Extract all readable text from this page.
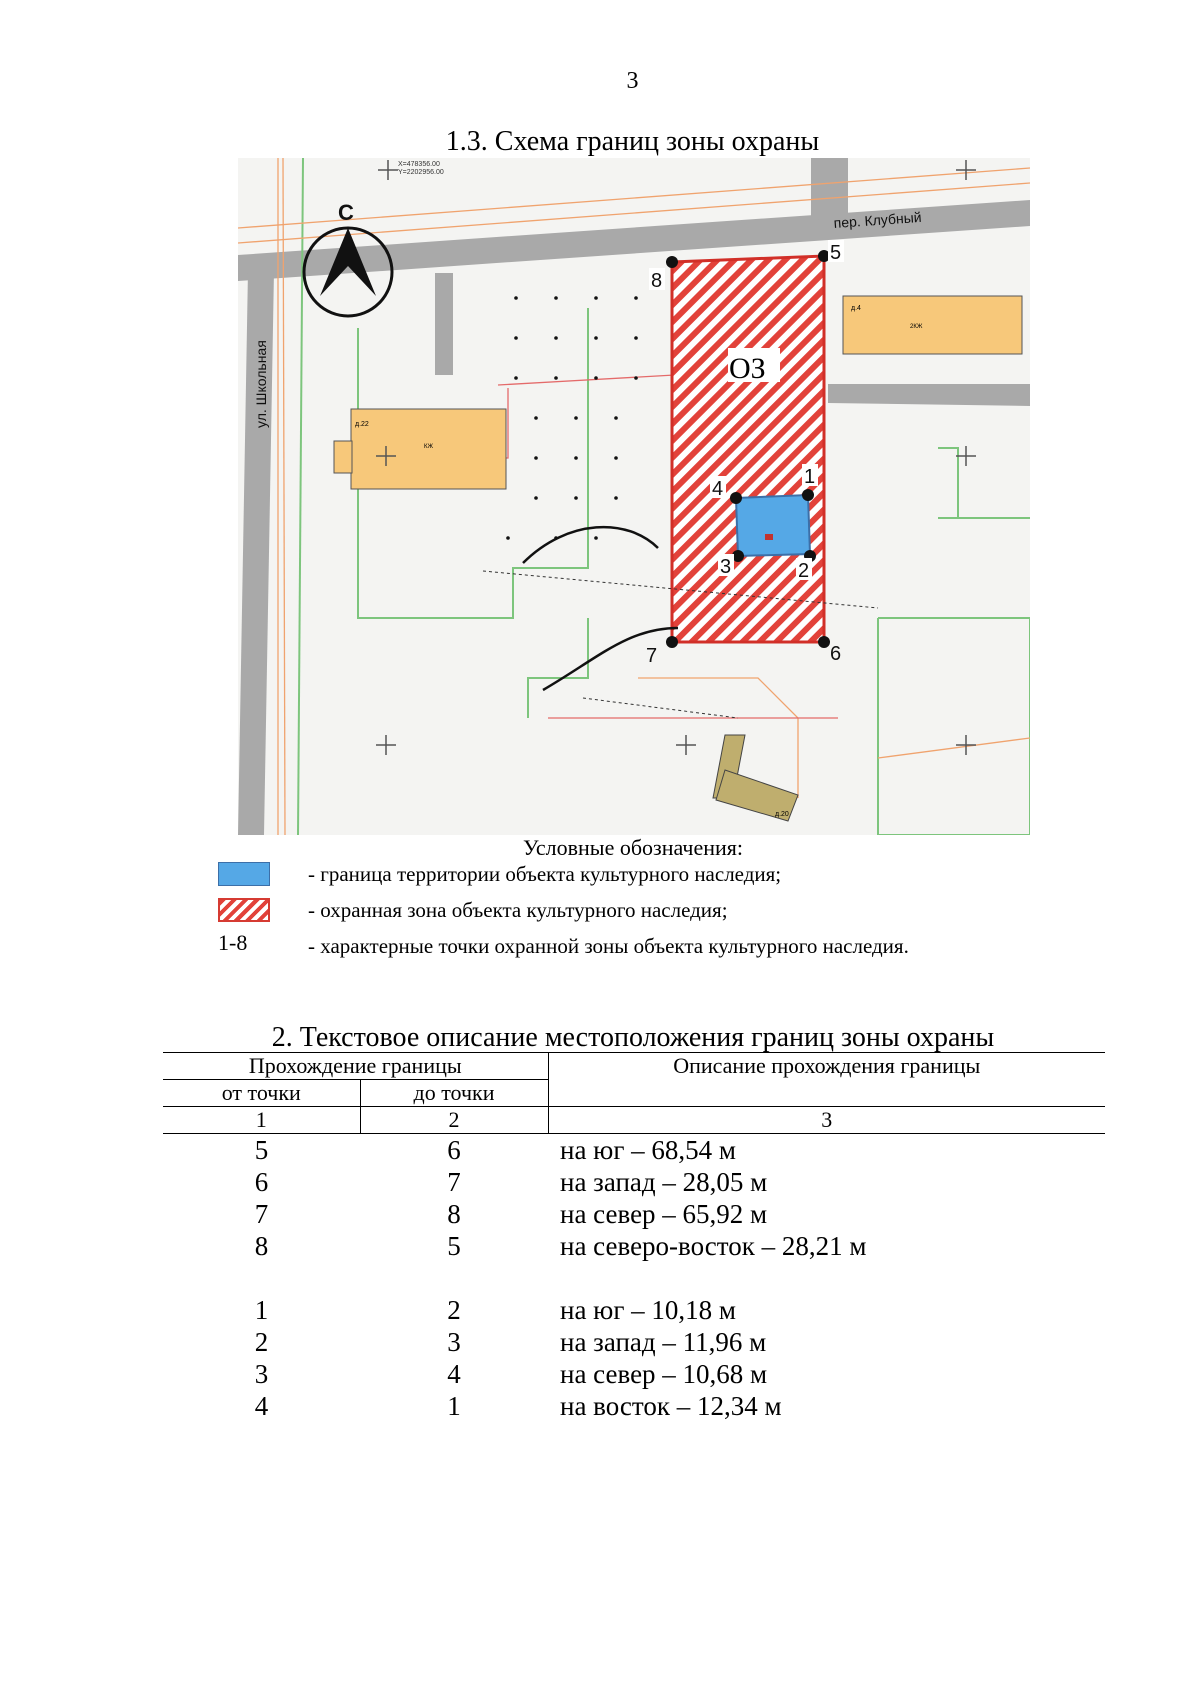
3
1.3. Схема границ зоны охраны
д.22
КЖ
д.4
2КЖ
д.20
ОЗ
X=478356.00
Y=2202956.00
пер. Клубный
ул. Школьная
С
5
8
6
7
1
2
3
4
Условные обозначения:
- граница территории объекта культурного наследия;
- охранная зона объекта культурного наследия;
1-8	- характерные точки охранной зоны объекта культурного наследия.
2. Текстовое описание местоположения границ зоны охраны
Прохождение границы		Описание прохождения границы
от точки	до точки	
1	2	3
5	6	на юг – 68,54 м
6	7	на запад – 28,05 м
7	8	на север – 65,92 м
8	5	на северо-восток – 28,21 м

1	2	на юг – 10,18 м
2	3	на запад – 11,96 м
3	4	на север – 10,68 м
4	1	на восток – 12,34 м
